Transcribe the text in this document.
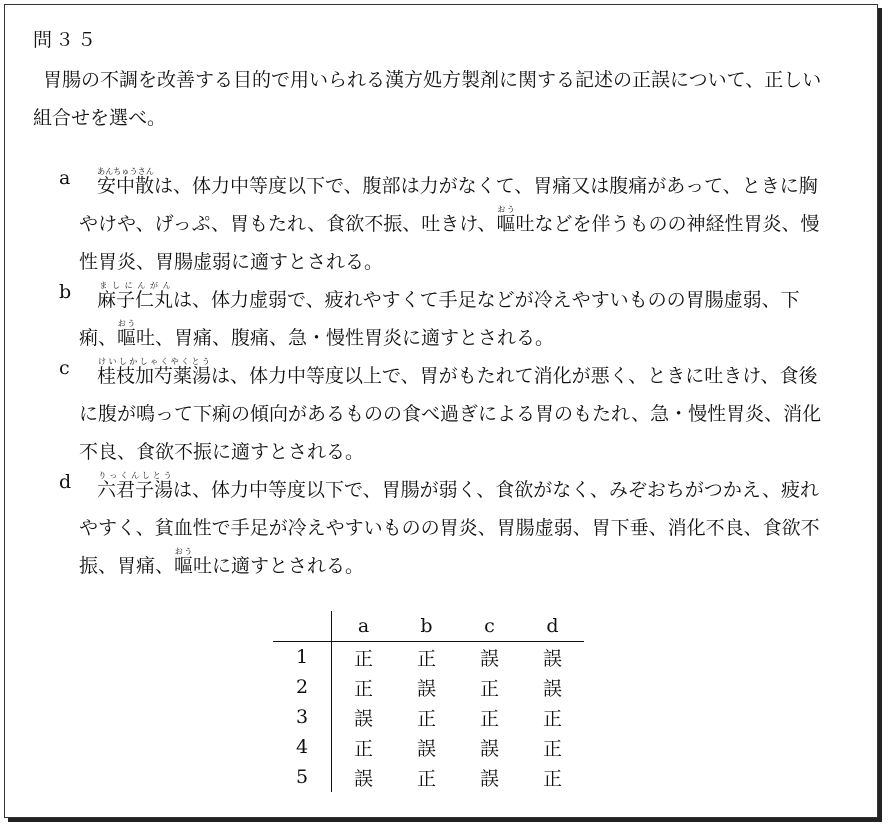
問３５
胃腸の不調を改善する目的で用いられる漢方処方製剤に関する記述の正誤について、正しい組合せを選べ。
a	安中散あんちゅうさんは、体力中等度以下で、腹部は力がなくて、胃痛又は腹痛があって、ときに胸やけや、げっぷ、胃もたれ、食欲不振、吐きけ、嘔おう吐などを伴うものの神経性胃炎、慢性胃炎、胃腸虚弱に適すとされる。
b	麻子仁丸ましにんがんは、体力虚弱で、疲れやすくて手足などが冷えやすいものの胃腸虚弱、下痢、嘔おう吐、胃痛、腹痛、急・慢性胃炎に適すとされる。
c	桂枝加芍薬湯けいしかしゃくやくとうは、体力中等度以上で、胃がもたれて消化が悪く、ときに吐きけ、食後に腹が鳴って下痢の傾向があるものの食べ過ぎによる胃のもたれ、急・慢性胃炎、消化不良、食欲不振に適すとされる。
d	六君子湯りっくんしとうは、体力中等度以下で、胃腸が弱く、食欲がなく、みぞおちがつかえ、疲れやすく、貧血性で手足が冷えやすいものの胃炎、胃腸虚弱、胃下垂、消化不良、食欲不振、胃痛、嘔おう吐に適すとされる。
	a	b	c	d
1	正	正	誤	誤
2	正	誤	正	誤
3	誤	正	正	正
4	正	誤	誤	正
5	誤	正	誤	正
